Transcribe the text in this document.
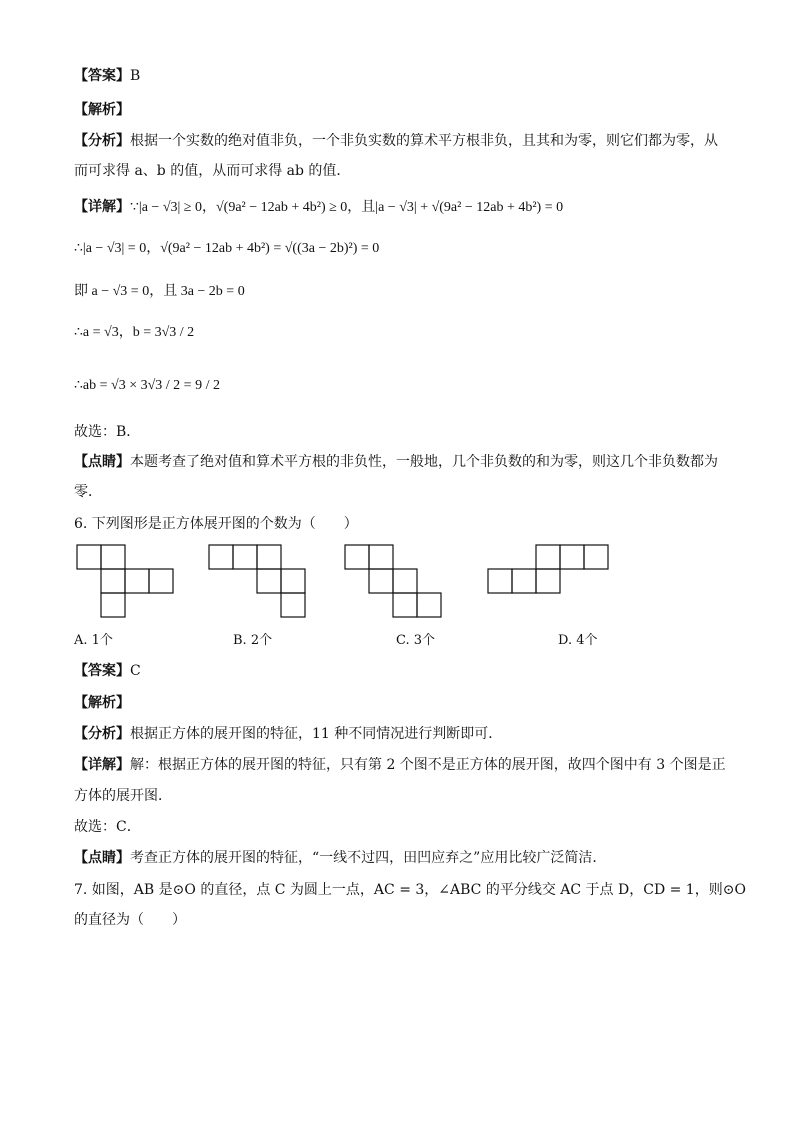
【答案】B
【解析】
【分析】根据一个实数的绝对值非负，一个非负实数的算术平方根非负，且其和为零，则它们都为零，从
而可求得 a、b 的值，从而可求得 ab 的值．
【详解】∵|a − √3| ≥ 0，√(9a² − 12ab + 4b²) ≥ 0，且|a − √3| + √(9a² − 12ab + 4b²) = 0
∴|a − √3| = 0，√(9a² − 12ab + 4b²) = √((3a − 2b)²) = 0
即 a − √3 = 0，且 3a − 2b = 0
∴a = √3，b = 3√3 / 2
∴ab = √3 × 3√3 / 2 = 9 / 2
故选：B．
【点睛】本题考查了绝对值和算术平方根的非负性，一般地，几个非负数的和为零，则这几个非负数都为
零．
6. 下列图形是正方体展开图的个数为（　　）
A. 1个	B. 2个	C. 3个	D. 4个
【答案】C
【解析】
【分析】根据正方体的展开图的特征，11 种不同情况进行判断即可．
【详解】解：根据正方体的展开图的特征，只有第 2 个图不是正方体的展开图，故四个图中有 3 个图是正
方体的展开图．
故选：C．
【点睛】考查正方体的展开图的特征，“一线不过四，田凹应弃之”应用比较广泛简洁．
7. 如图，AB 是⊙O 的直径，点 C 为圆上一点，AC = 3，∠ABC 的平分线交 AC 于点 D，CD = 1，则⊙O
的直径为（　　）
